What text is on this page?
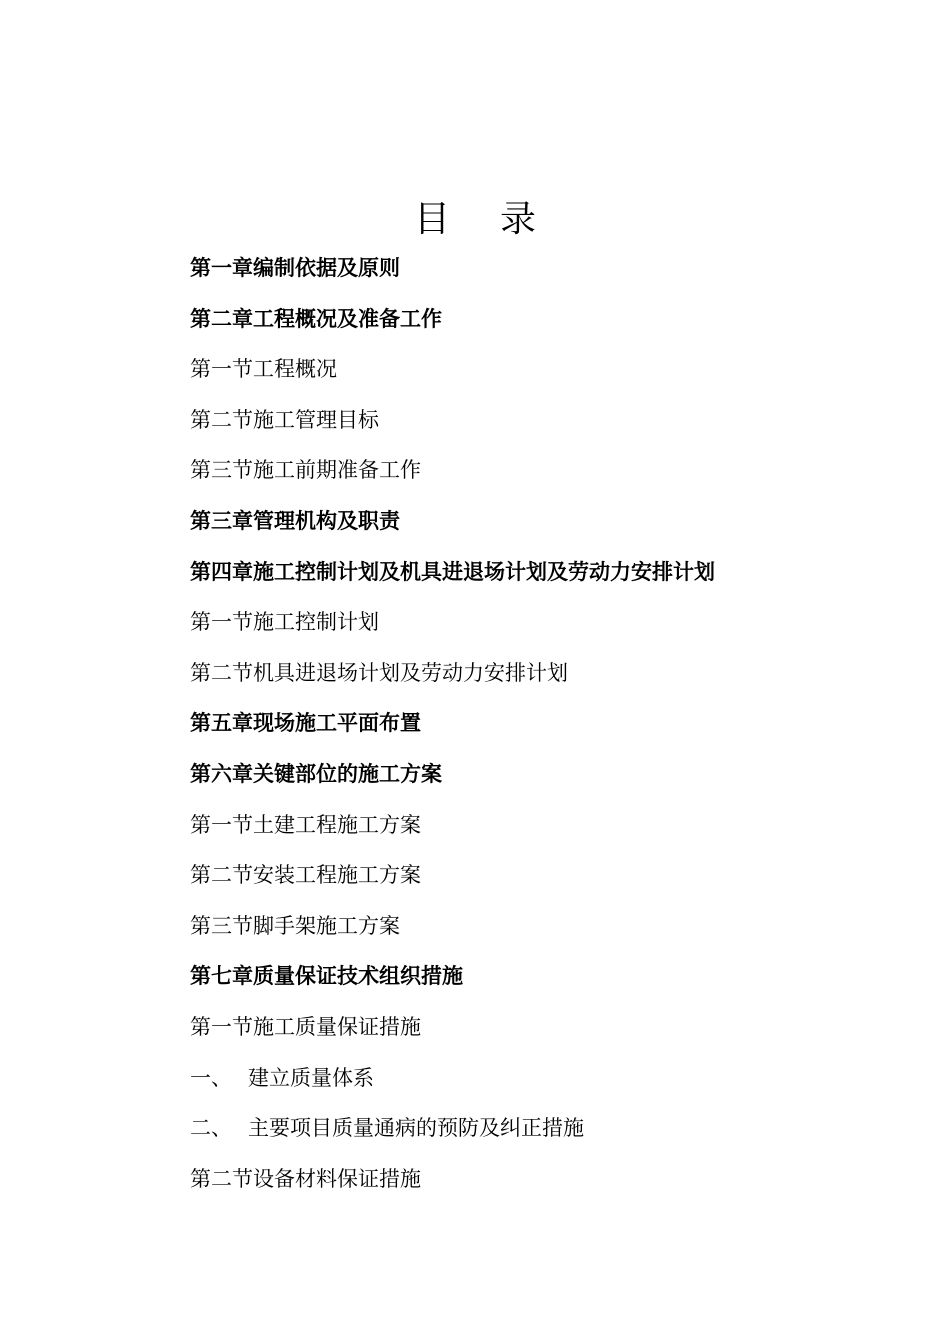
目 录
第一章编制依据及原则
第二章工程概况及准备工作
第一节工程概况
第二节施工管理目标
第三节施工前期准备工作
第三章管理机构及职责
第四章施工控制计划及机具进退场计划及劳动力安排计划
第一节施工控制计划
第二节机具进退场计划及劳动力安排计划
第五章现场施工平面布置
第六章关键部位的施工方案
第一节土建工程施工方案
第二节安装工程施工方案
第三节脚手架施工方案
第七章质量保证技术组织措施
第一节施工质量保证措施
一、 建立质量体系
二、 主要项目质量通病的预防及纠正措施
第二节设备材料保证措施
